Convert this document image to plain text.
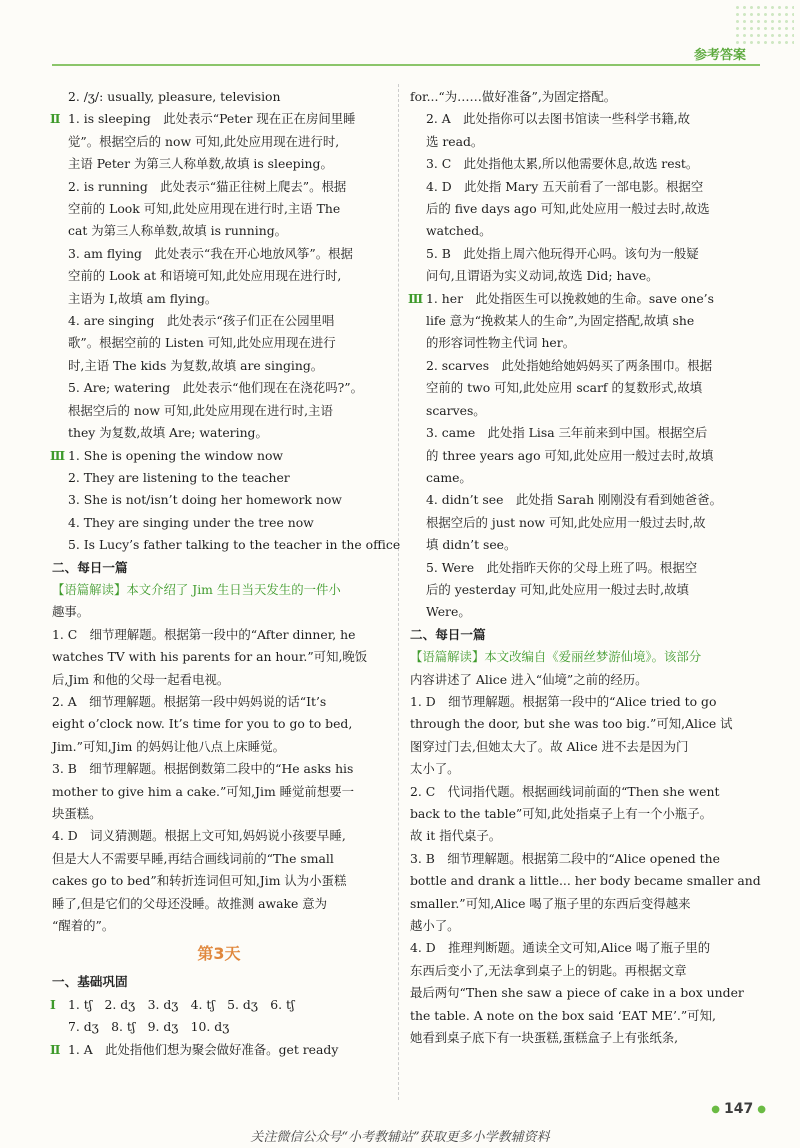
参考答案
2. /ʒ/: usually, pleasure, television
Ⅱ 1. is sleeping　此处表示“Peter 现在正在房间里睡
觉”。根据空后的 now 可知,此处应用现在进行时,
主语 Peter 为第三人称单数,故填 is sleeping。
2. is running　此处表示“猫正往树上爬去”。根据
空前的 Look 可知,此处应用现在进行时,主语 The
cat 为第三人称单数,故填 is running。
3. am flying　此处表示“我在开心地放风筝”。根据
空前的 Look at 和语境可知,此处应用现在进行时,
主语为 I,故填 am flying。
4. are singing　此处表示“孩子们正在公园里唱
歌”。根据空前的 Listen 可知,此处应用现在进行
时,主语 The kids 为复数,故填 are singing。
5. Are; watering　此处表示“他们现在在浇花吗?”。
根据空后的 now 可知,此处应用现在进行时,主语
they 为复数,故填 Are; watering。
Ⅲ 1. She is opening the window now
2. They are listening to the teacher
3. She is not/isn’t doing her homework now
4. They are singing under the tree now
5. Is Lucy’s father talking to the teacher in the office
二、每日一篇
【语篇解读】本文介绍了 Jim 生日当天发生的一件小
趣事。
1. C　细节理解题。根据第一段中的“After dinner, he
watches TV with his parents for an hour.”可知,晚饭
后,Jim 和他的父母一起看电视。
2. A　细节理解题。根据第一段中妈妈说的话“It’s
eight o’clock now. It’s time for you to go to bed,
Jim.”可知,Jim 的妈妈让他八点上床睡觉。
3. B　细节理解题。根据倒数第二段中的“He asks his
mother to give him a cake.”可知,Jim 睡觉前想要一
块蛋糕。
4. D　词义猜测题。根据上文可知,妈妈说小孩要早睡,
但是大人不需要早睡,再结合画线词前的“The small
cakes go to bed”和转折连词但可知,Jim 认为小蛋糕
睡了,但是它们的父母还没睡。故推测 awake 意为
“醒着的”。
第3天
一、基础巩固
Ⅰ 1. tʃ　2. dʒ　3. dʒ　4. tʃ　5. dʒ　6. tʃ
7. dʒ　8. tʃ　9. dʒ　10. dʒ
Ⅱ 1. A　此处指他们想为聚会做好准备。get ready
for...“为……做好准备”,为固定搭配。
2. A　此处指你可以去图书馆读一些科学书籍,故
选 read。
3. C　此处指他太累,所以他需要休息,故选 rest。
4. D　此处指 Mary 五天前看了一部电影。根据空
后的 five days ago 可知,此处应用一般过去时,故选
watched。
5. B　此处指上周六他玩得开心吗。该句为一般疑
问句,且谓语为实义动词,故选 Did; have。
Ⅲ 1. her　此处指医生可以挽救她的生命。save one’s
life 意为“挽救某人的生命”,为固定搭配,故填 she
的形容词性物主代词 her。
2. scarves　此处指她给她妈妈买了两条围巾。根据
空前的 two 可知,此处应用 scarf 的复数形式,故填
scarves。
3. came　此处指 Lisa 三年前来到中国。根据空后
的 three years ago 可知,此处应用一般过去时,故填
came。
4. didn’t see　此处指 Sarah 刚刚没有看到她爸爸。
根据空后的 just now 可知,此处应用一般过去时,故
填 didn’t see。
5. Were　此处指昨天你的父母上班了吗。根据空
后的 yesterday 可知,此处应用一般过去时,故填
Were。
二、每日一篇
【语篇解读】本文改编自《爱丽丝梦游仙境》。该部分
内容讲述了 Alice 进入“仙境”之前的经历。
1. D　细节理解题。根据第一段中的“Alice tried to go
through the door, but she was too big.”可知,Alice 试
图穿过门去,但她太大了。故 Alice 进不去是因为门
太小了。
2. C　代词指代题。根据画线词前面的“Then she went
back to the table”可知,此处指桌子上有一个小瓶子。
故 it 指代桌子。
3. B　细节理解题。根据第二段中的“Alice opened the
bottle and drank a little... her body became smaller and
smaller.”可知,Alice 喝了瓶子里的东西后变得越来
越小了。
4. D　推理判断题。通读全文可知,Alice 喝了瓶子里的
东西后变小了,无法拿到桌子上的钥匙。再根据文章
最后两句“Then she saw a piece of cake in a box under
the table. A note on the box said ‘EAT ME’.”可知,
她看到桌子底下有一块蛋糕,蛋糕盒子上有张纸条,
● 147 ●
关注微信公众号“小考教辅站”获取更多小学教辅资料
